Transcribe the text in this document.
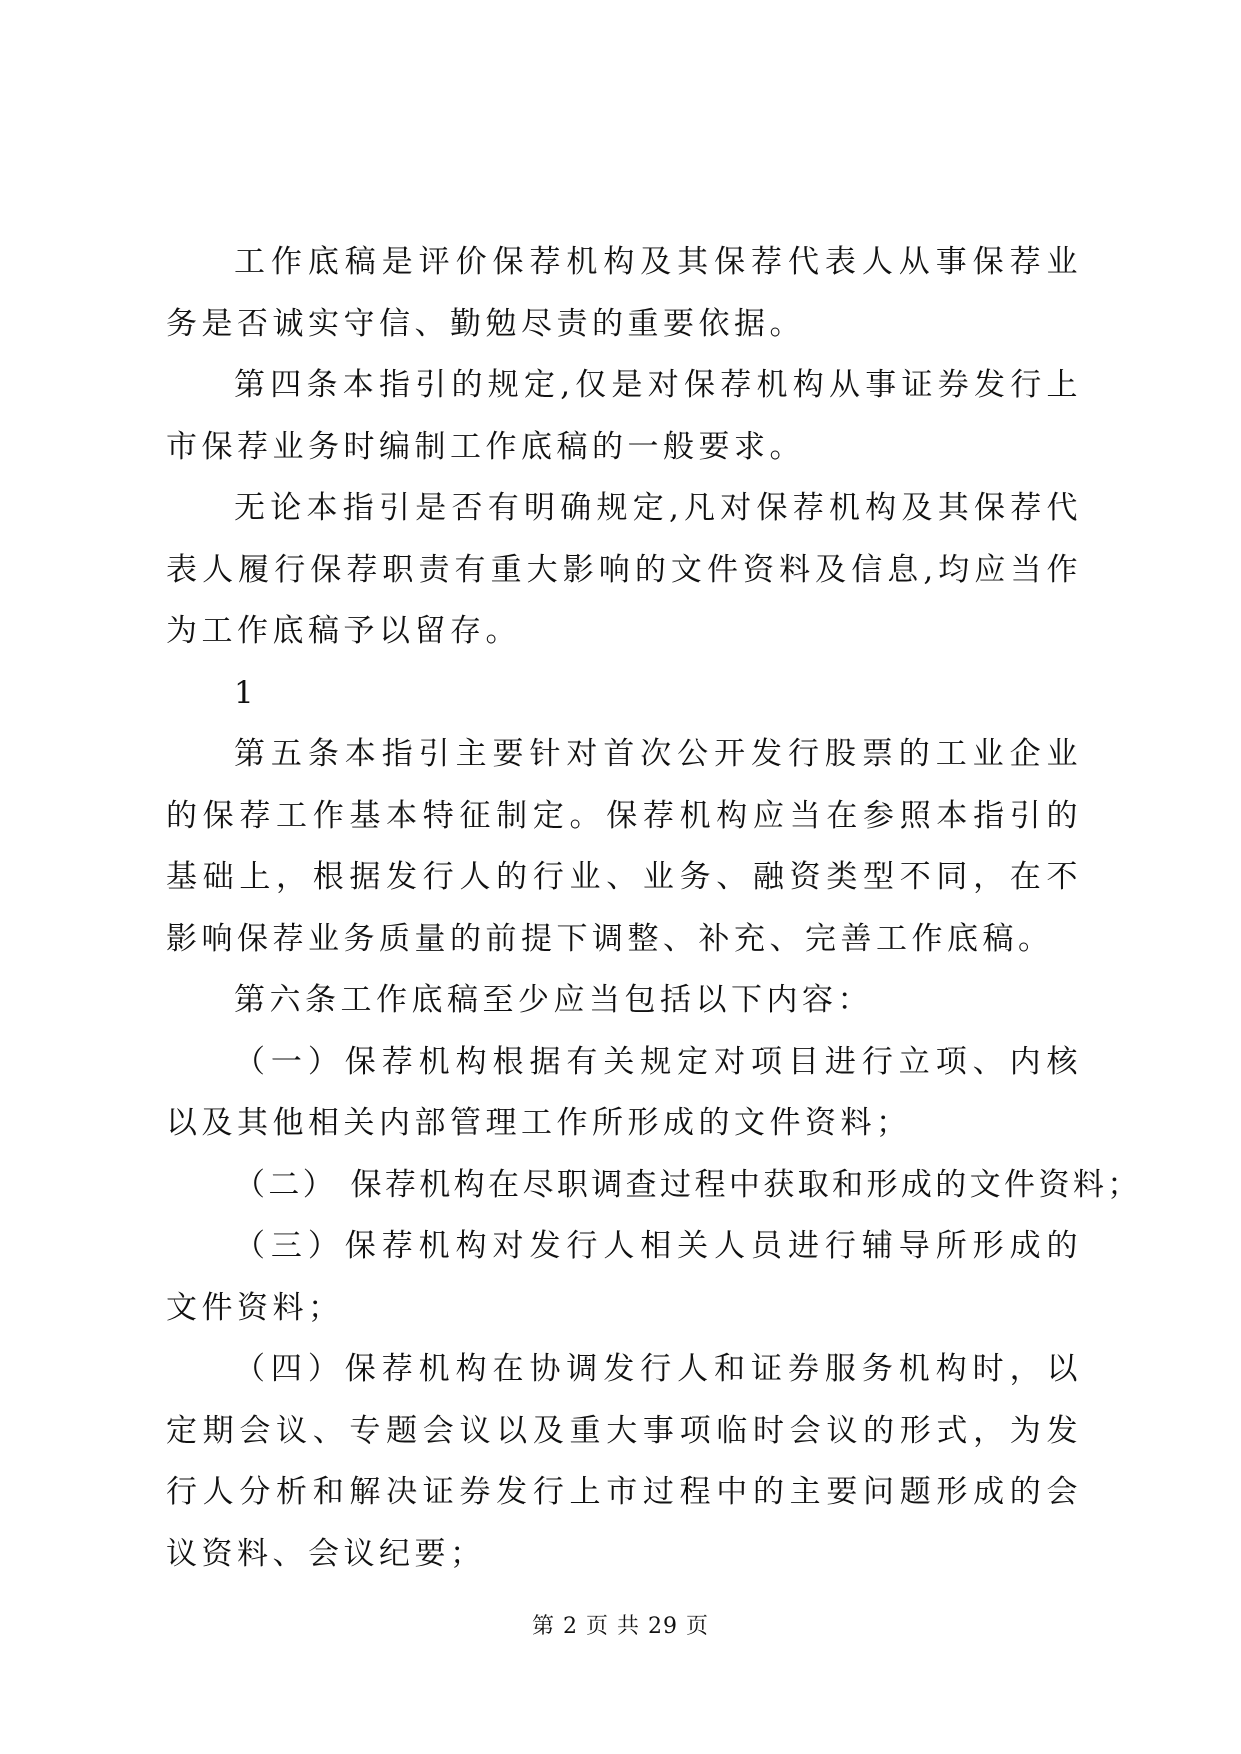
工作底稿是评价保荐机构及其保荐代表人从事保荐业务是否诚实守信、勤勉尽责的重要依据。

第四条本指引的规定,仅是对保荐机构从事证券发行上市保荐业务时编制工作底稿的一般要求。

无论本指引是否有明确规定,凡对保荐机构及其保荐代表人履行保荐职责有重大影响的文件资料及信息,均应当作为工作底稿予以留存。

1

第五条本指引主要针对首次公开发行股票的工业企业的保荐工作基本特征制定。保荐机构应当在参照本指引的基础上，根据发行人的行业、业务、融资类型不同，在不影响保荐业务质量的前提下调整、补充、完善工作底稿。

第六条工作底稿至少应当包括以下内容：

（一）保荐机构根据有关规定对项目进行立项、内核以及其他相关内部管理工作所形成的文件资料；

（二） 保荐机构在尽职调查过程中获取和形成的文件资料；

（三）保荐机构对发行人相关人员进行辅导所形成的文件资料；

（四）保荐机构在协调发行人和证券服务机构时，以定期会议、专题会议以及重大事项临时会议的形式，为发行人分析和解决证券发行上市过程中的主要问题形成的会议资料、会议纪要；

第 2 页 共 29 页
